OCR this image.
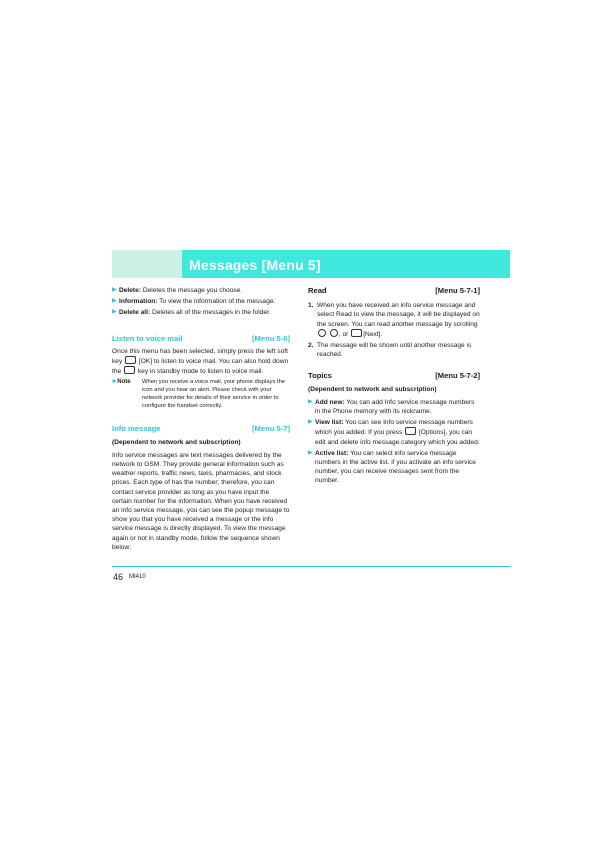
Messages [Menu 5]
▶ Delete: Deletes the message you choose.
▶ Information: To view the information of the message.
▶ Delete all: Deletes all of the messages in the folder.
Listen to voice mail	[Menu 5-6]

Once this menu has been selected, simply press the left soft key	[OK] to listen to voice mail. You can also hold down the	key in standby mode to listen to voice mail.

■ Note When you receive a voice mail, your phone displays the icon and you hear an alert. Please check with your network provider for details of their service in order to configure the handset correctly.
Info message	[Menu 5-7]
(Dependent to network and subscription)

Info service messages are text messages delivered by the network to GSM. They provide general information such as weather reports, traffic news, taxis, pharmacies, and stock prices. Each type of has the number; therefore, you can contact service provider as long as you have input the certain number for the information. When you have received an info service message, you can see the popup message to show you that you have received a message or the info service message is directly displayed. To view the message again or not in standby mode, follow the sequence shown below;

Read	[Menu 5-7-1]
1. When you have received an info service message and select Read to view the message, it will be displayed on the screen. You can read another message by scrolling  , or [Next].
2. The message will be shown until another message is reached.
Topics	[Menu 5-7-2]
(Dependent to network and subscription)
▶ Add new: You can add Info service message numbers in the Phone memory with its nickname.
▶ View list: You can see Info service message numbers which you added. If you press	[Options], you can edit and delete info message category which you added.
▶ Active list: You can select info service message numbers in the active list. if you activate an info service number, you can receive messages sent from the number.
46 MI410
